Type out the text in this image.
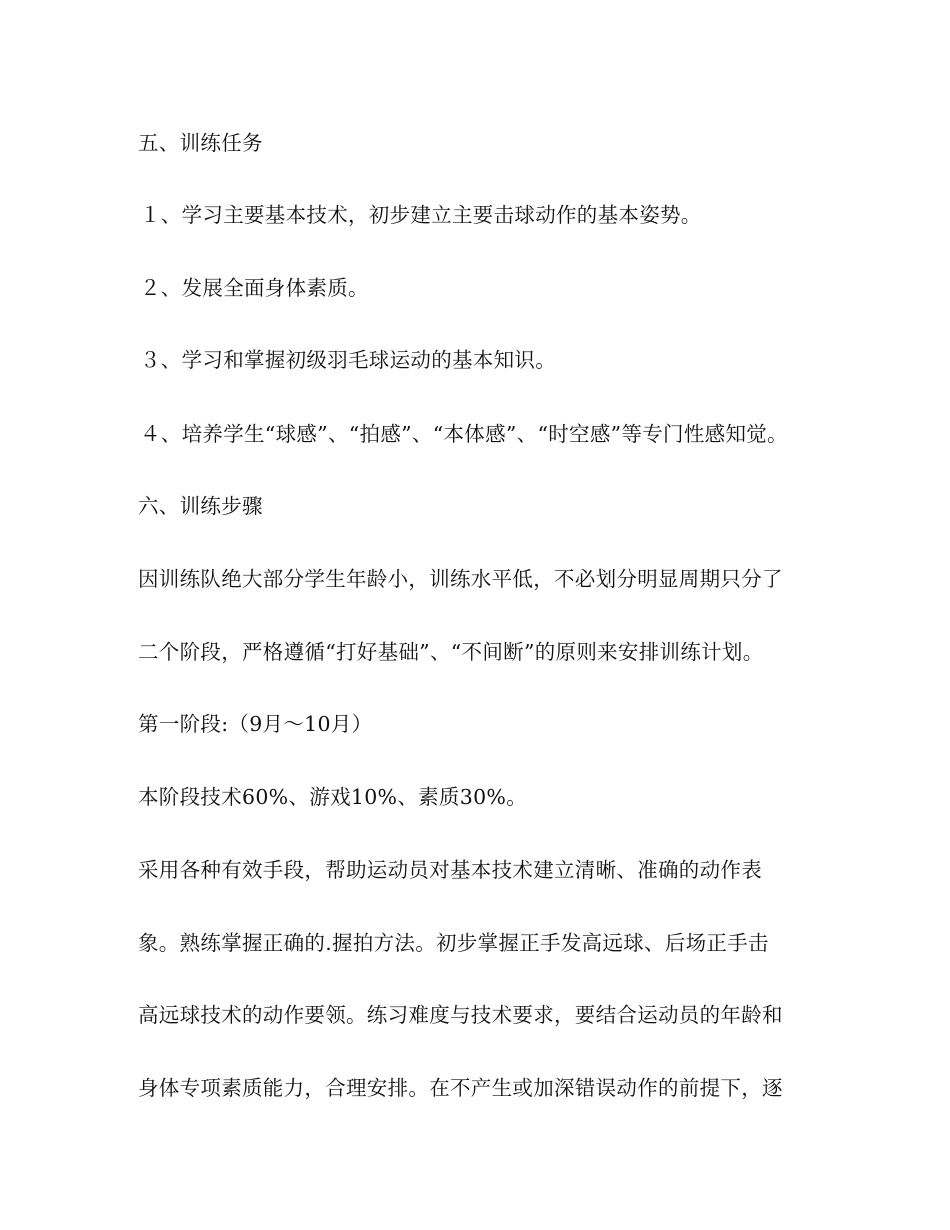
五、训练任务
１、学习主要基本技术，初步建立主要击球动作的基本姿势。
２、发展全面身体素质。
３、学习和掌握初级羽毛球运动的基本知识。
４、培养学生“球感”、“拍感”、“本体感”、“时空感”等专门性感知觉。
六、训练步骤
因训练队绝大部分学生年龄小，训练水平低，不必划分明显周期只分了
二个阶段，严格遵循“打好基础”、“不间断”的原则来安排训练计划。
第一阶段:（9月～10月）
本阶段技术60%、游戏10%、素质30%。
采用各种有效手段，帮助运动员对基本技术建立清晰、准确的动作表
象。熟练掌握正确的.握拍方法。初步掌握正手发高远球、后场正手击
高远球技术的动作要领。练习难度与技术要求，要结合运动员的年龄和
身体专项素质能力，合理安排。在不产生或加深错误动作的前提下，逐
